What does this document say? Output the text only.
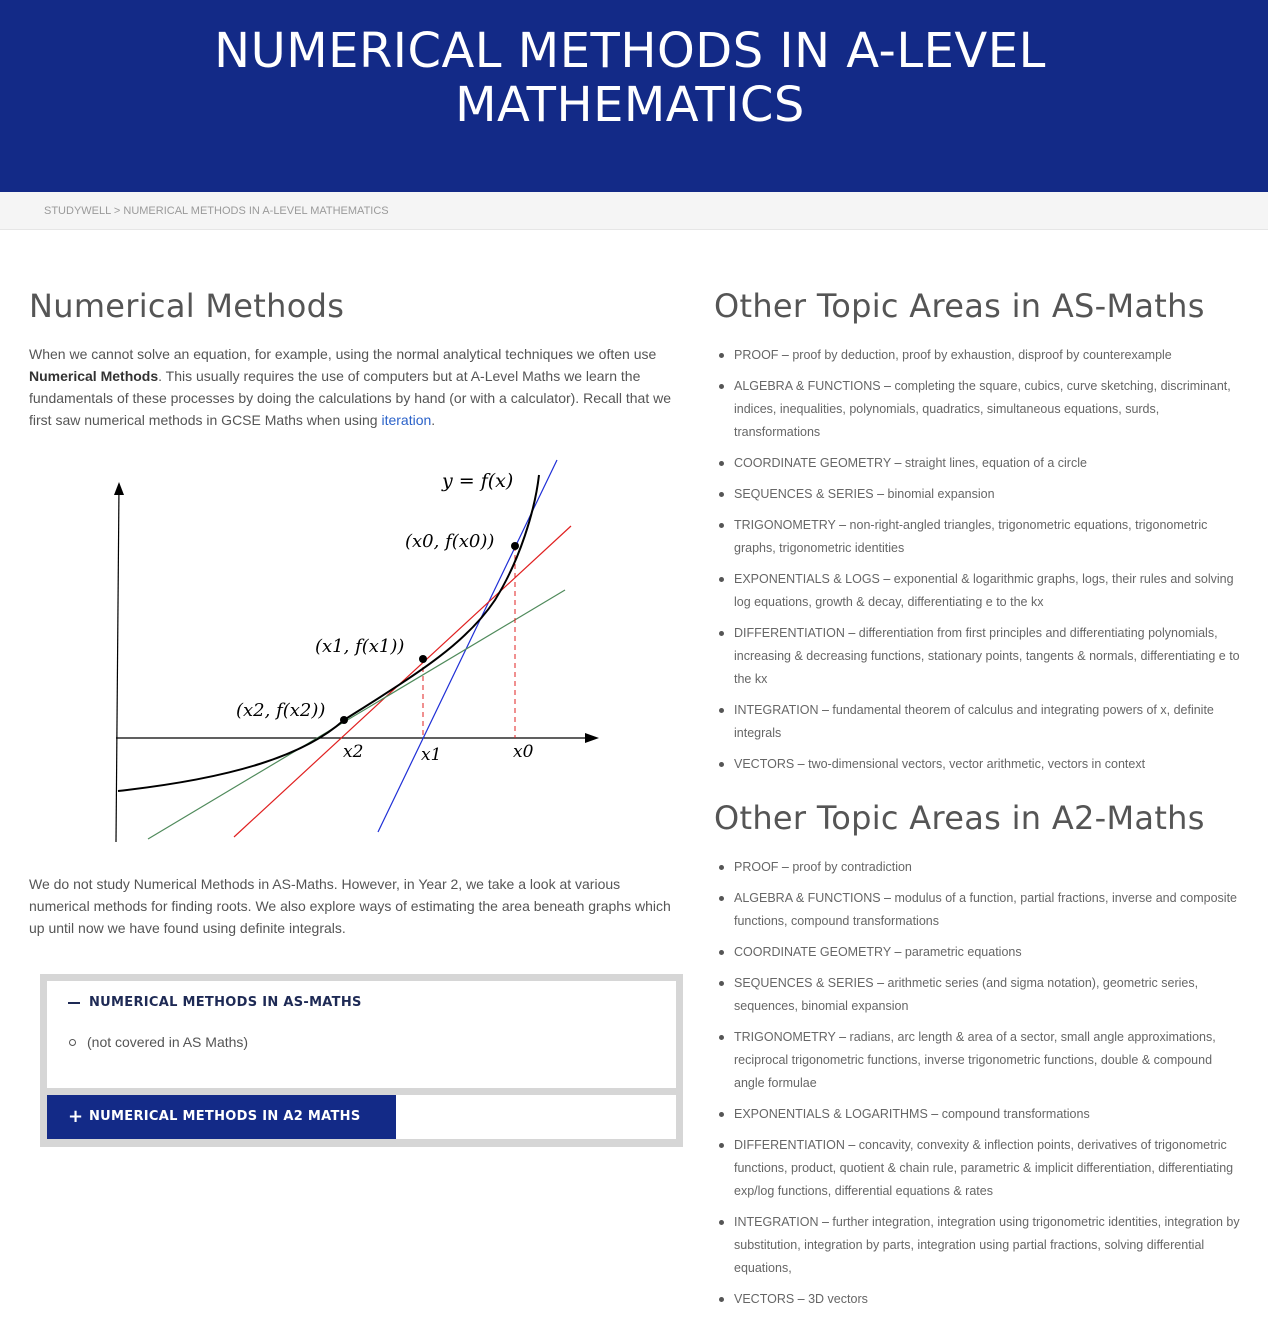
NUMERICAL METHODS IN A-LEVEL MATHEMATICS
STUDYWELL > NUMERICAL METHODS IN A-LEVEL MATHEMATICS
Numerical Methods

When we cannot solve an equation, for example, using the normal analytical techniques we often use Numerical Methods. This usually requires the use of computers but at A-Level Maths we learn the fundamentals of these processes by doing the calculations by hand (or with a calculator). Recall that we first saw numerical methods in GCSE Maths when using iteration.

y = f(x)
(x0, f(x0))
(x1, f(x1))
(x2, f(x2))
x0
x1
x2

We do not study Numerical Methods in AS-Maths. However, in Year 2, we take a look at various numerical methods for finding roots. We also explore ways of estimating the area beneath graphs which up until now we have found using definite integrals.

NUMERICAL METHODS IN AS-MATHS
(not covered in AS Maths)
+ NUMERICAL METHODS IN A2 MATHS
Other Topic Areas in AS-Maths
PROOF – proof by deduction, proof by exhaustion, disproof by counterexample
ALGEBRA & FUNCTIONS – completing the square, cubics, curve sketching, discriminant, indices, inequalities, polynomials, quadratics, simultaneous equations, surds, transformations
COORDINATE GEOMETRY – straight lines, equation of a circle
SEQUENCES & SERIES – binomial expansion
TRIGONOMETRY – non-right-angled triangles, trigonometric equations, trigonometric graphs, trigonometric identities
EXPONENTIALS & LOGS – exponential & logarithmic graphs, logs, their rules and solving log equations, growth & decay, differentiating e to the kx
DIFFERENTIATION – differentiation from first principles and differentiating polynomials, increasing & decreasing functions, stationary points, tangents & normals, differentiating e to the kx
INTEGRATION – fundamental theorem of calculus and integrating powers of x, definite integrals
VECTORS – two-dimensional vectors, vector arithmetic, vectors in context
Other Topic Areas in A2-Maths
PROOF – proof by contradiction
ALGEBRA & FUNCTIONS – modulus of a function, partial fractions, inverse and composite functions, compound transformations
COORDINATE GEOMETRY – parametric equations
SEQUENCES & SERIES – arithmetic series (and sigma notation), geometric series, sequences, binomial expansion
TRIGONOMETRY – radians, arc length & area of a sector, small angle approximations, reciprocal trigonometric functions, inverse trigonometric functions, double & compound angle formulae
EXPONENTIALS & LOGARITHMS – compound transformations
DIFFERENTIATION – concavity, convexity & inflection points, derivatives of trigonometric functions, product, quotient & chain rule, parametric & implicit differentiation, differentiating exp/log functions, differential equations & rates
INTEGRATION – further integration, integration using trigonometric identities, integration by substitution, integration by parts, integration using partial fractions, solving differential equations,
VECTORS – 3D vectors
